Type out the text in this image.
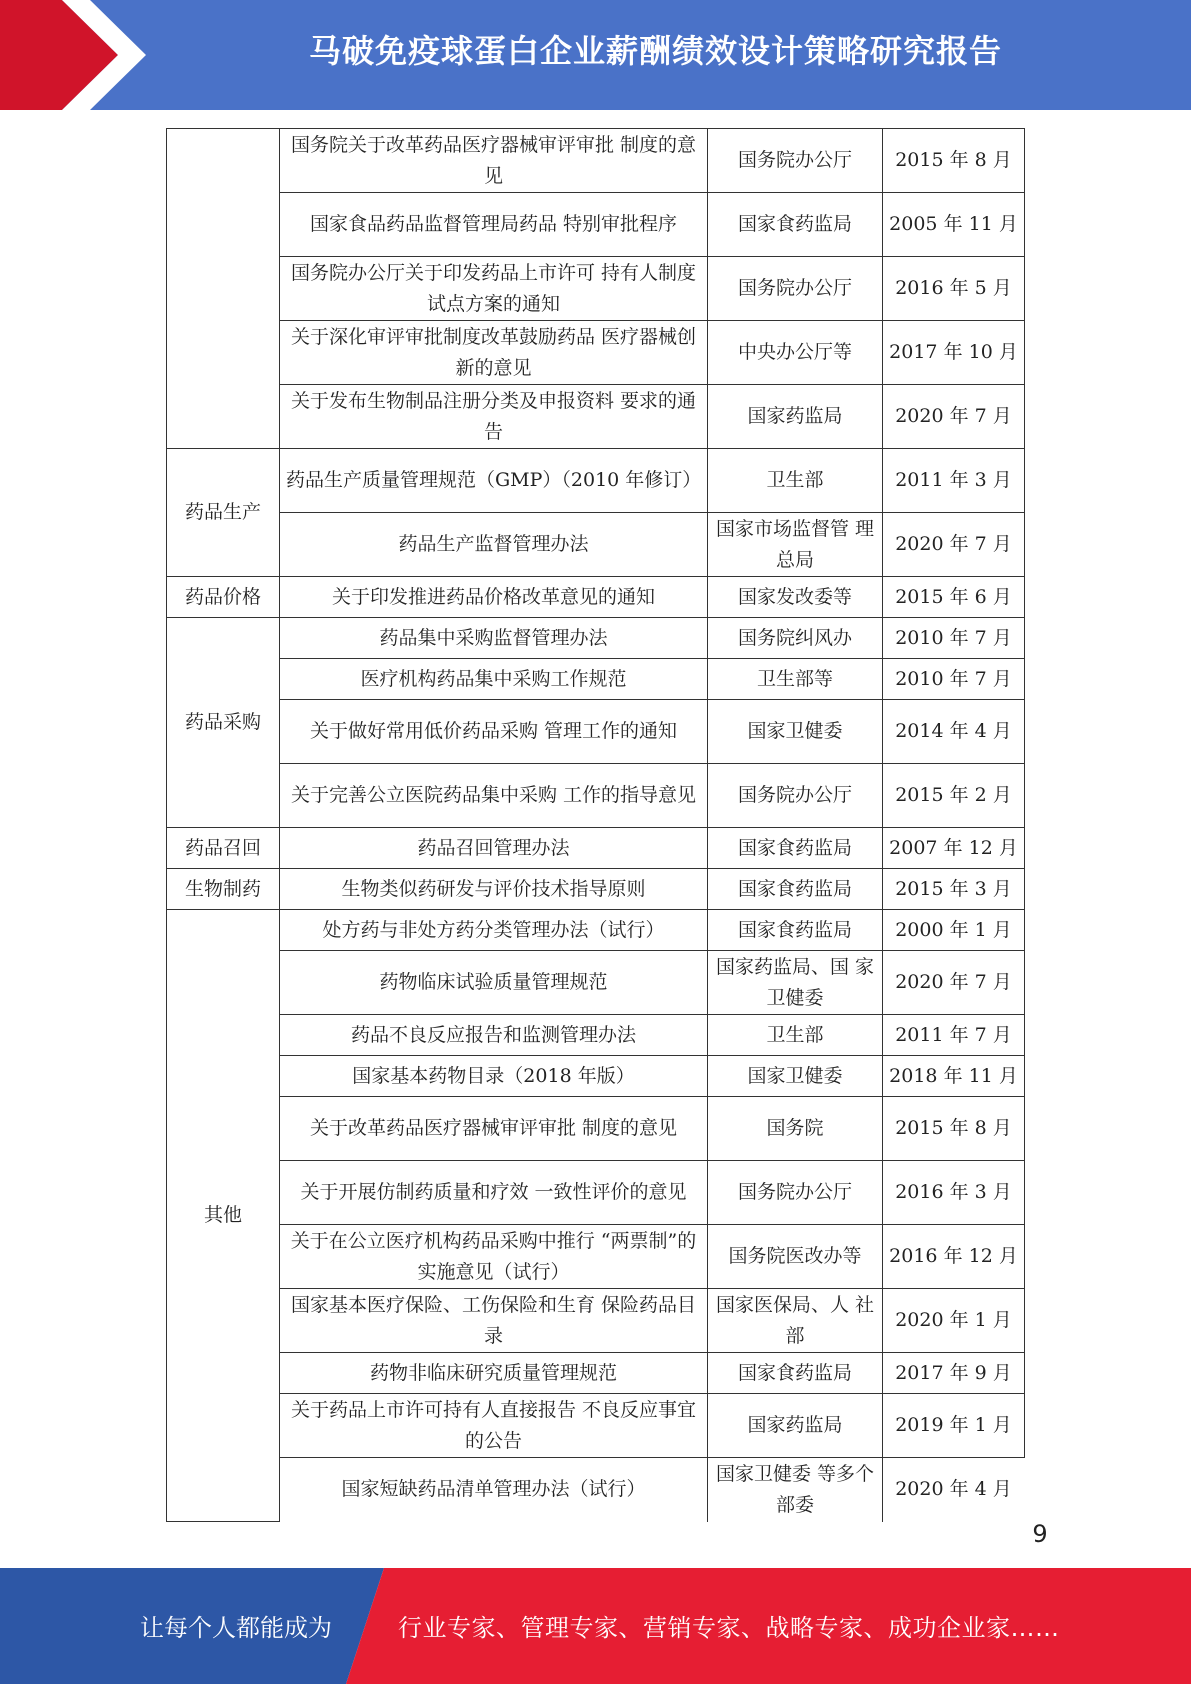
马破免疫球蛋白企业薪酬绩效设计策略研究报告
	国务院关于改革药品医疗器械审评审批 制度的意见	国务院办公厅	2015 年 8 月
	国家食品药品监督管理局药品 特别审批程序	国家食药监局	2005 年 11 月
	国务院办公厅关于印发药品上市许可 持有人制度试点方案的通知	国务院办公厅	2016 年 5 月
	关于深化审评审批制度改革鼓励药品 医疗器械创新的意见	中央办公厅等	2017 年 10 月
	关于发布生物制品注册分类及申报资料 要求的通告	国家药监局	2020 年 7 月
药品生产	药品生产质量管理规范（GMP）（2010 年修订）	卫生部	2011 年 3 月
	药品生产监督管理办法	国家市场监督管 理总局	2020 年 7 月
药品价格	关于印发推进药品价格改革意见的通知	国家发改委等	2015 年 6 月
药品采购	药品集中采购监督管理办法	国务院纠风办	2010 年 7 月
	医疗机构药品集中采购工作规范	卫生部等	2010 年 7 月
	关于做好常用低价药品采购 管理工作的通知	国家卫健委	2014 年 4 月
	关于完善公立医院药品集中采购 工作的指导意见	国务院办公厅	2015 年 2 月
药品召回	药品召回管理办法	国家食药监局	2007 年 12 月
生物制药	生物类似药研发与评价技术指导原则	国家食药监局	2015 年 3 月
其他	处方药与非处方药分类管理办法（试行）	国家食药监局	2000 年 1 月
	药物临床试验质量管理规范	国家药监局、国 家卫健委	2020 年 7 月
	药品不良反应报告和监测管理办法	卫生部	2011 年 7 月
	国家基本药物目录（2018 年版）	国家卫健委	2018 年 11 月
	关于改革药品医疗器械审评审批 制度的意见	国务院	2015 年 8 月
	关于开展仿制药质量和疗效 一致性评价的意见	国务院办公厅	2016 年 3 月
	关于在公立医疗机构药品采购中推行 “两票制”的实施意见（试行）	国务院医改办等	2016 年 12 月
	国家基本医疗保险、工伤保险和生育 保险药品目录	国家医保局、人 社部	2020 年 1 月
	药物非临床研究质量管理规范	国家食药监局	2017 年 9 月
	关于药品上市许可持有人直接报告 不良反应事宜的公告	国家药监局	2019 年 1 月
	国家短缺药品清单管理办法（试行）	国家卫健委 等多个部委	2020 年 4 月
9
让每个人都能成为	行业专家、管理专家、营销专家、战略专家、成功企业家……
